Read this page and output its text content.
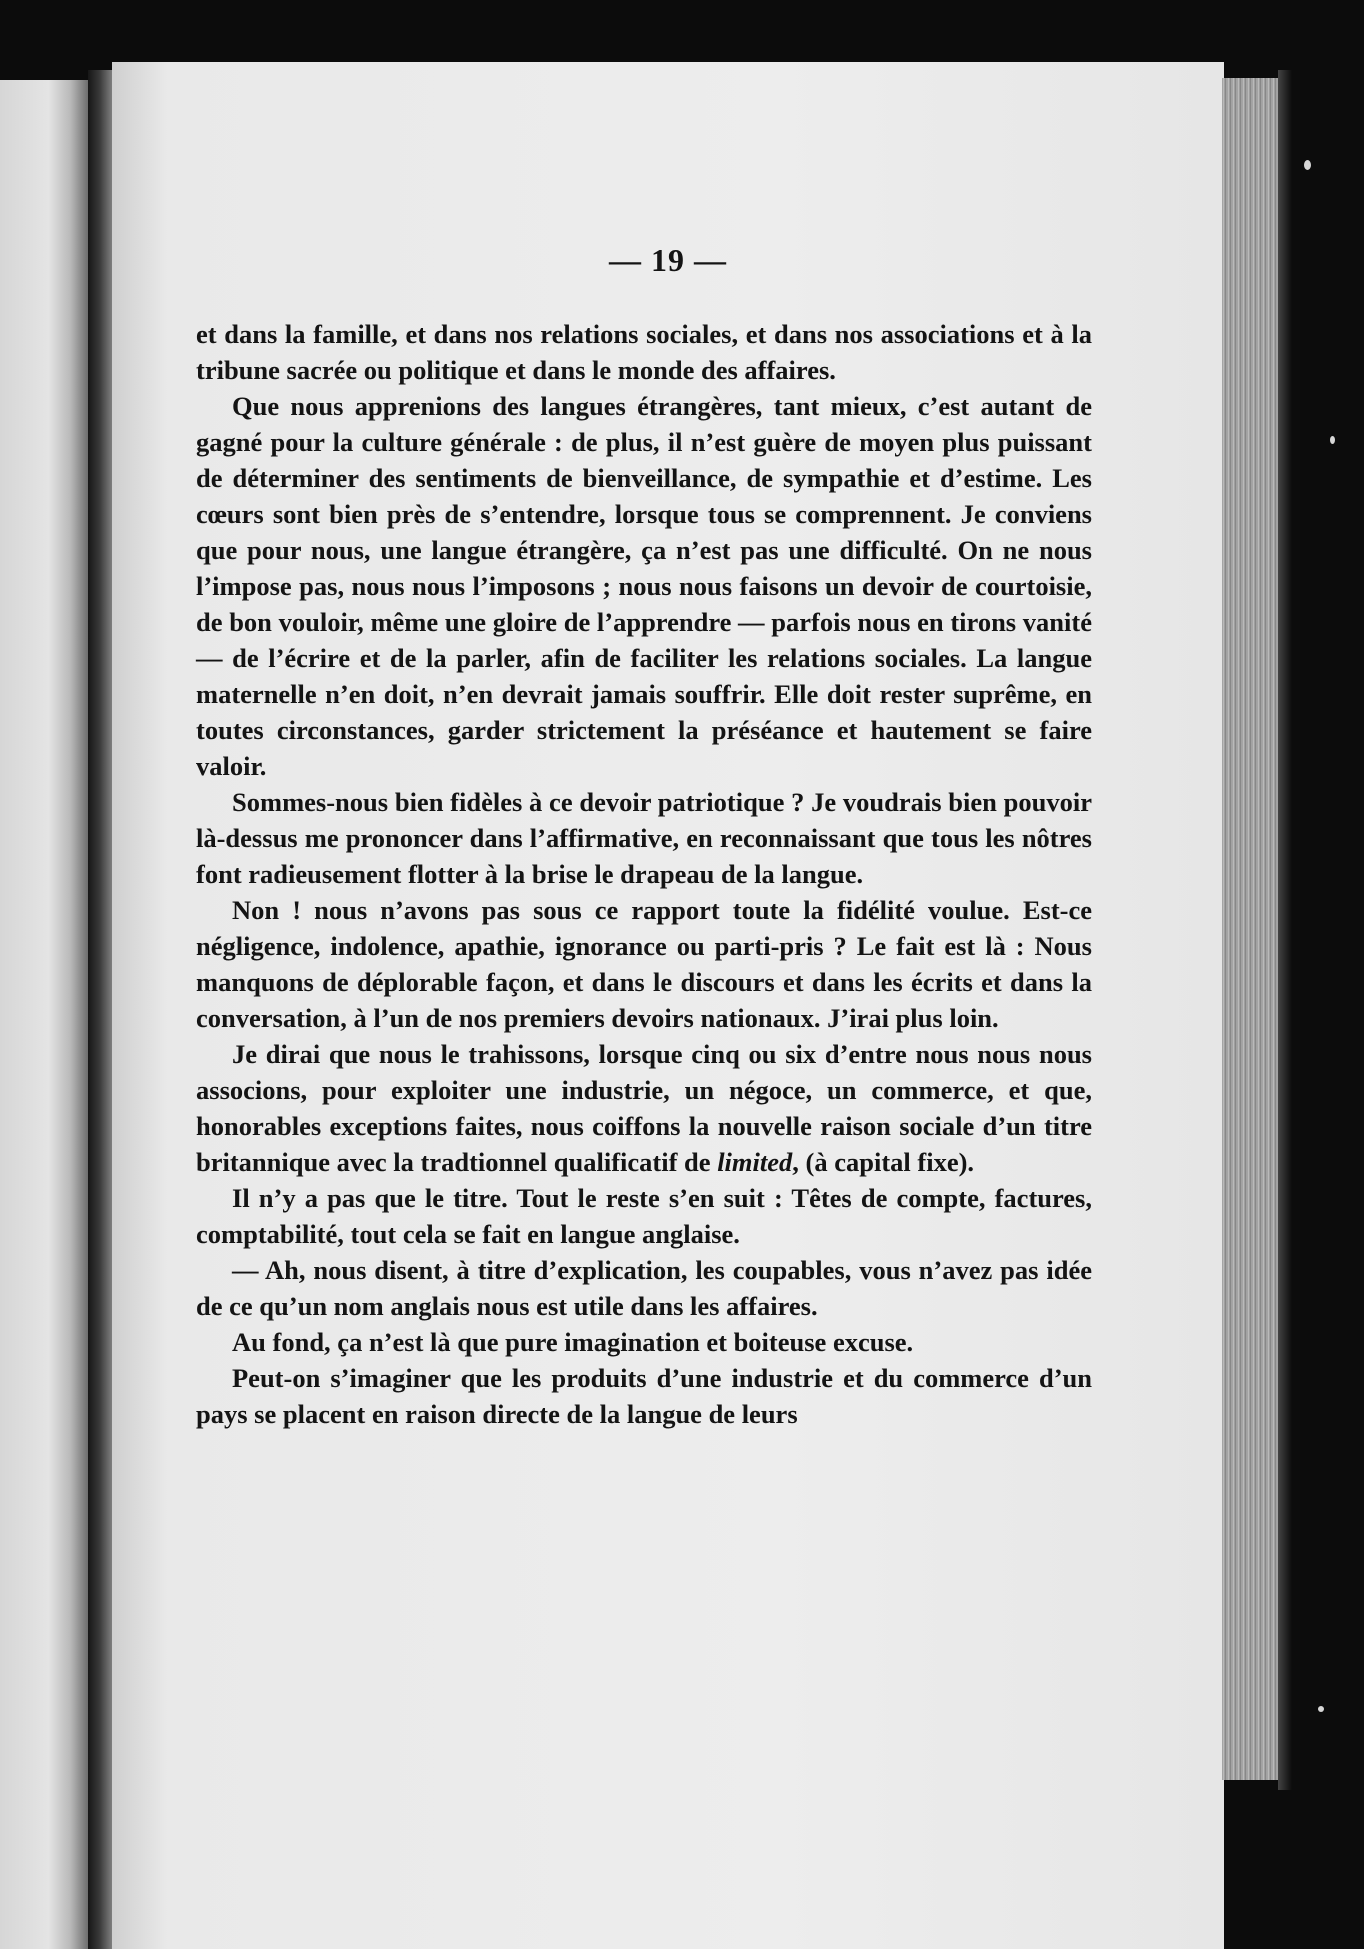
— 19 —

et dans la famille, et dans nos relations sociales, et dans nos associations et à la tribune sacrée ou politique et dans le monde des affaires.

Que nous apprenions des langues étrangères, tant mieux, c’est autant de gagné pour la culture générale : de plus, il n’est guère de moyen plus puissant de déterminer des sentiments de bienveillance, de sympathie et d’estime. Les cœurs sont bien près de s’entendre, lorsque tous se comprennent. Je conviens que pour nous, une langue étrangère, ça n’est pas une difficulté. On ne nous l’impose pas, nous nous l’imposons ; nous nous faisons un devoir de courtoisie, de bon vouloir, même une gloire de l’apprendre — parfois nous en tirons vanité — de l’écrire et de la parler, afin de faciliter les relations sociales. La langue maternelle n’en doit, n’en devrait jamais souffrir. Elle doit rester suprême, en toutes circonstances, garder strictement la préséance et hautement se faire valoir.

Sommes-nous bien fidèles à ce devoir patriotique ? Je voudrais bien pouvoir là-dessus me prononcer dans l’affirmative, en reconnaissant que tous les nôtres font radieusement flotter à la brise le drapeau de la langue.

Non ! nous n’avons pas sous ce rapport toute la fidélité voulue. Est-ce négligence, indolence, apathie, ignorance ou parti-pris ? Le fait est là : Nous manquons de déplorable façon, et dans le discours et dans les écrits et dans la conversation, à l’un de nos premiers devoirs nationaux. J’irai plus loin.

Je dirai que nous le trahissons, lorsque cinq ou six d’entre nous nous nous associons, pour exploiter une industrie, un négoce, un commerce, et que, honorables exceptions faites, nous coiffons la nouvelle raison sociale d’un titre britannique avec la tradtionnel qualificatif de limited, (à capital fixe).

Il n’y a pas que le titre. Tout le reste s’en suit : Têtes de compte, factures, comptabilité, tout cela se fait en langue anglaise.

— Ah, nous disent, à titre d’explication, les coupables, vous n’avez pas idée de ce qu’un nom anglais nous est utile dans les affaires.

Au fond, ça n’est là que pure imagination et boiteuse excuse.

Peut-on s’imaginer que les produits d’une industrie et du commerce d’un pays se placent en raison directe de la langue de leurs
